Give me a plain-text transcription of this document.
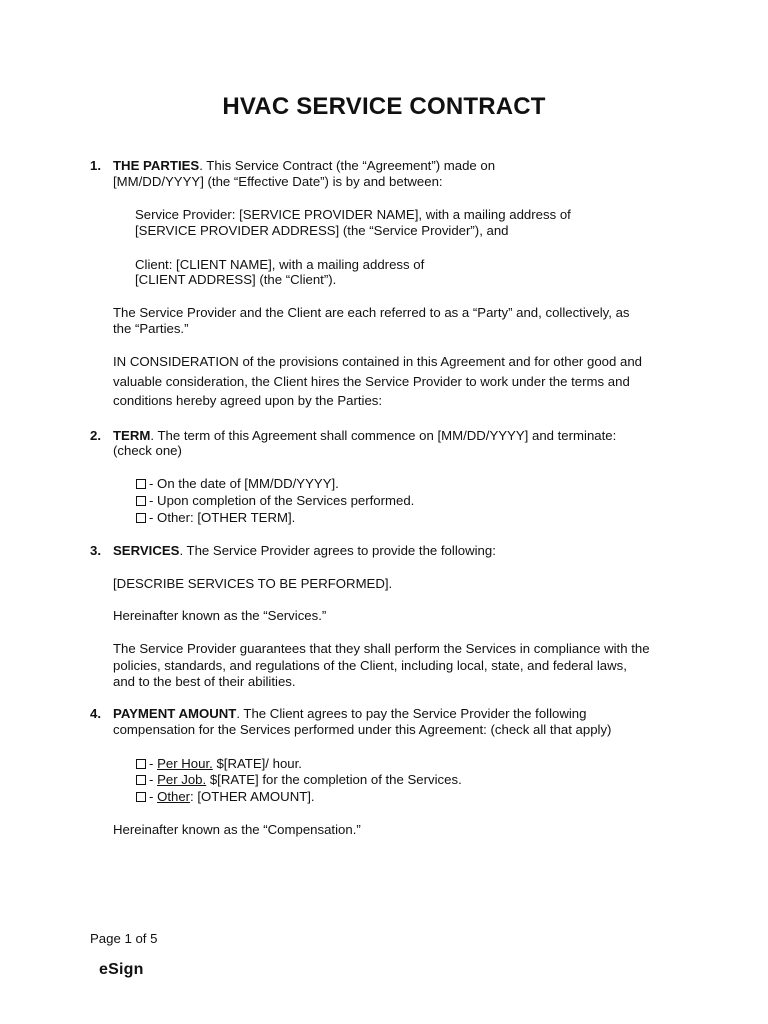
HVAC SERVICE CONTRACT
1. THE PARTIES. This Service Contract (the “Agreement”) made on
[MM/DD/YYYY] (the “Effective Date”) is by and between:
Service Provider: [SERVICE PROVIDER NAME], with a mailing address of
[SERVICE PROVIDER ADDRESS] (the “Service Provider”), and
Client: [CLIENT NAME], with a mailing address of
[CLIENT ADDRESS] (the “Client”).
The Service Provider and the Client are each referred to as a “Party” and, collectively, as
the “Parties.”
IN CONSIDERATION of the provisions contained in this Agreement and for other good and
valuable consideration, the Client hires the Service Provider to work under the terms and
conditions hereby agreed upon by the Parties:
2. TERM. The term of this Agreement shall commence on [MM/DD/YYYY] and terminate:
(check one)
- On the date of [MM/DD/YYYY].
- Upon completion of the Services performed.
- Other: [OTHER TERM].
3. SERVICES. The Service Provider agrees to provide the following:
[DESCRIBE SERVICES TO BE PERFORMED].
Hereinafter known as the “Services.”
The Service Provider guarantees that they shall perform the Services in compliance with the
policies, standards, and regulations of the Client, including local, state, and federal laws,
and to the best of their abilities.
4. PAYMENT AMOUNT. The Client agrees to pay the Service Provider the following
compensation for the Services performed under this Agreement: (check all that apply)
- Per Hour. $[RATE]/ hour.
- Per Job. $[RATE] for the completion of the Services.
- Other: [OTHER AMOUNT].
Hereinafter known as the “Compensation.”
Page 1 of 5
eSign
